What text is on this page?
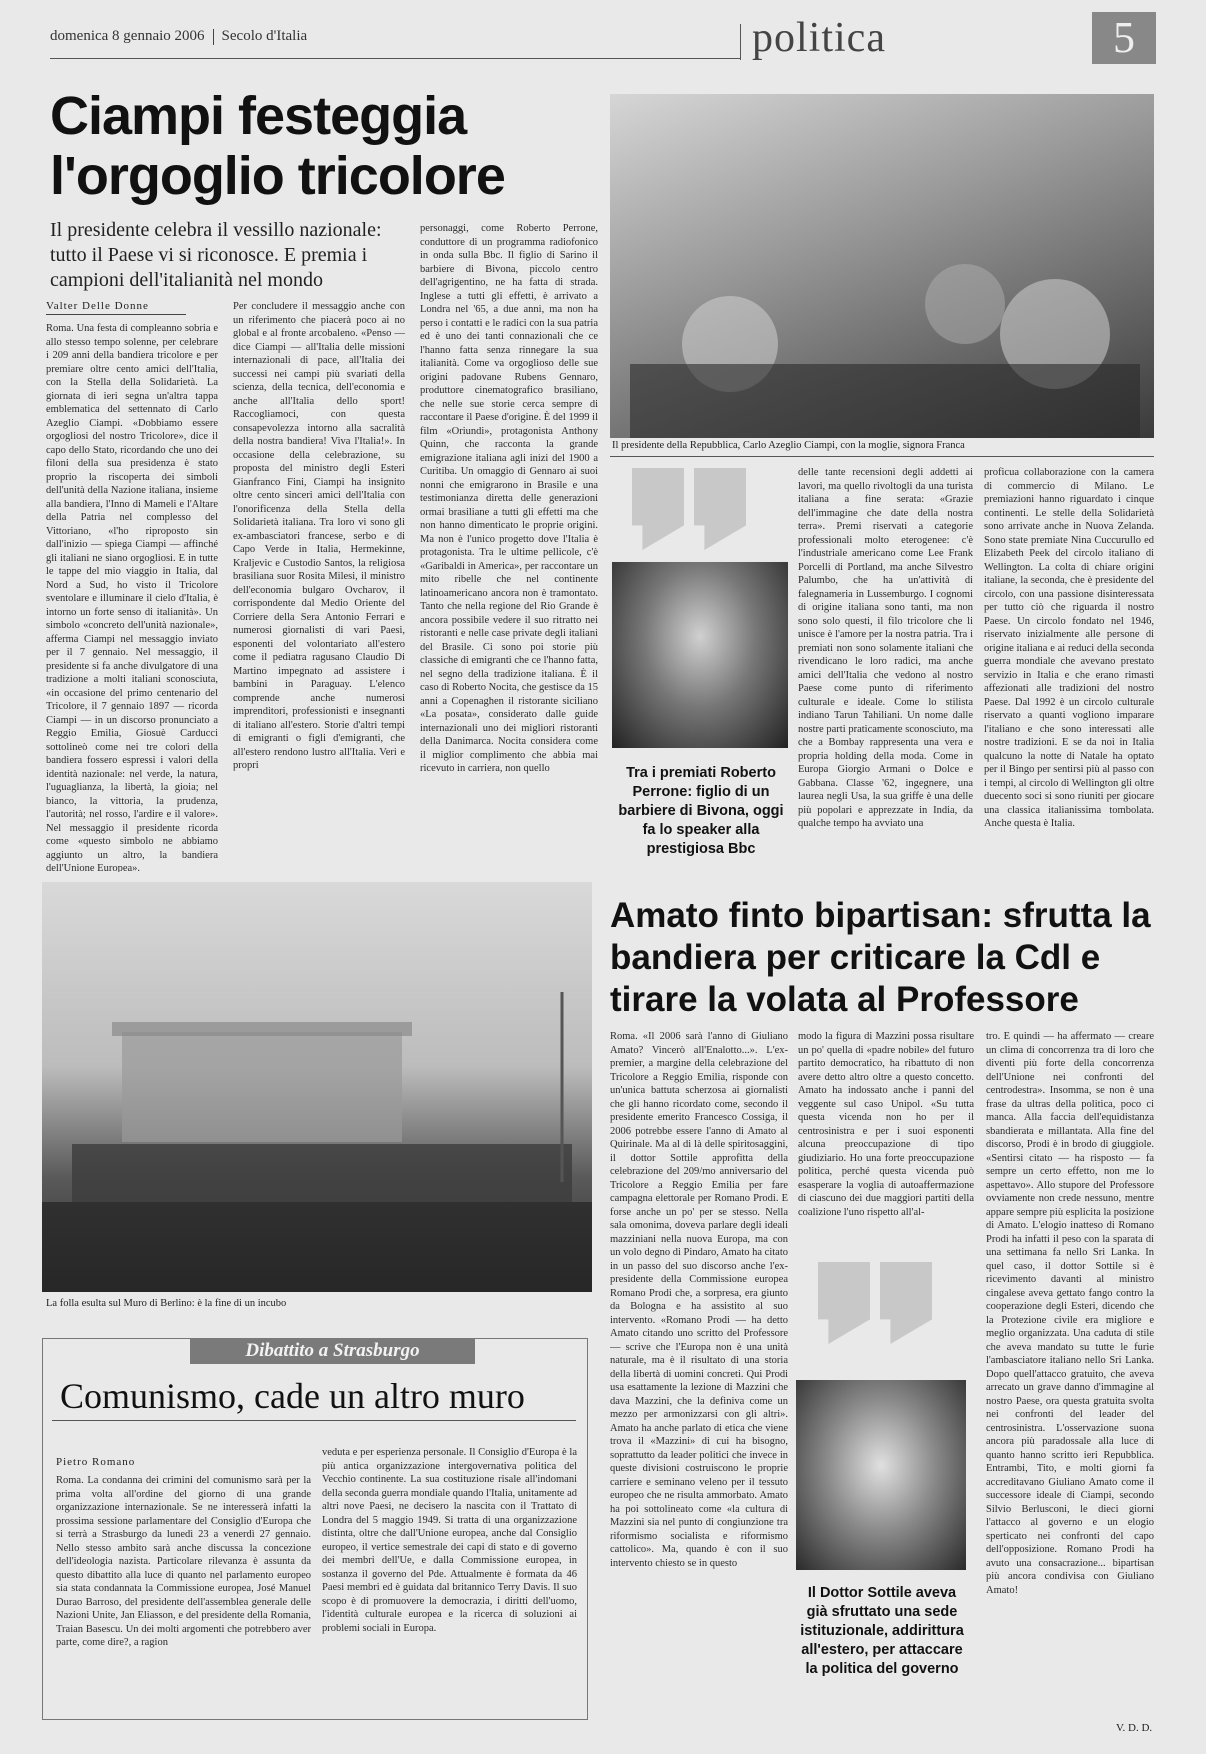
domenica 8 gennaio 2006 Secolo d'Italia	politica	5
Ciampi festeggia l'orgoglio tricolore
Il presidente celebra il vessillo nazionale: tutto il Paese vi si riconosce. E premia i campioni dell'italianità nel mondo
Valter Delle Donne
Roma. Una festa di compleanno sobria e allo stesso tempo solenne, per celebrare i 209 anni della bandiera tricolore e per premiare oltre cento amici dell'Italia, con la Stella della Solidarietà. La giornata di ieri segna un'altra tappa emblematica del settennato di Carlo Azeglio Ciampi. «Dobbiamo essere orgogliosi del nostro Tricolore», dice il capo dello Stato, ricordando che uno dei filoni della sua presidenza è stato proprio la riscoperta dei simboli dell'unità della Nazione italiana, insieme alla bandiera, l'Inno di Mameli e l'Altare della Patria nel complesso del Vittoriano, «l'ho riproposto sin dall'inizio — spiega Ciampi — affinché gli italiani ne siano orgogliosi. E in tutte le tappe del mio viaggio in Italia, dal Nord a Sud, ho visto il Tricolore sventolare e illuminare il cielo d'Italia, è intorno un forte senso di italianità». Un simbolo «concreto dell'unità nazionale», afferma Ciampi nel messaggio inviato per il 7 gennaio. Nel messaggio, il presidente si fa anche divulgatore di una tradizione a molti italiani sconosciuta, «in occasione del primo centenario del Tricolore, il 7 gennaio 1897 — ricorda Ciampi — in un discorso pronunciato a Reggio Emilia, Giosuè Carducci sottolineò come nei tre colori della bandiera fossero espressi i valori della identità nazionale: nel verde, la natura, l'uguaglianza, la libertà, la gioia; nel bianco, la vittoria, la prudenza, l'autorità; nel rosso, l'ardire e il valore». Nel messaggio il presidente ricorda come «questo simbolo ne abbiamo aggiunto un altro, la bandiera dell'Unione Europea».
Per concludere il messaggio anche con un riferimento che piacerà poco ai no global e al fronte arcobaleno. «Penso — dice Ciampi — all'Italia delle missioni internazionali di pace, all'Italia dei successi nei campi più svariati della scienza, della tecnica, dell'economia e anche all'Italia dello sport! Raccogliamoci, con questa consapevolezza intorno alla sacralità della nostra bandiera! Viva l'Italia!». In occasione della celebrazione, su proposta del ministro degli Esteri Gianfranco Fini, Ciampi ha insignito oltre cento sinceri amici dell'Italia con l'onorificenza della Stella della Solidarietà italiana. Tra loro vi sono gli ex-ambasciatori francese, serbo e di Capo Verde in Italia, Hermekinne, Kraljevic e Custodio Santos, la religiosa brasiliana suor Rosita Milesi, il ministro dell'economia bulgaro Ovcharov, il corrispondente dal Medio Oriente del Corriere della Sera Antonio Ferrari e numerosi giornalisti di vari Paesi, esponenti del volontariato all'estero come il pediatra ragusano Claudio Di Martino impegnato ad assistere i bambini in Paraguay. L'elenco comprende anche numerosi imprenditori, professionisti e insegnanti di italiano all'estero. Storie d'altri tempi di emigranti o figli d'emigranti, che all'estero rendono lustro all'Italia. Veri e propri
personaggi, come Roberto Perrone, conduttore di un programma radiofonico in onda sulla Bbc. Il figlio di Sarino il barbiere di Bivona, piccolo centro dell'agrigentino, ne ha fatta di strada. Inglese a tutti gli effetti, è arrivato a Londra nel '65, a due anni, ma non ha perso i contatti e le radici con la sua patria ed è uno dei tanti connazionali che ce l'hanno fatta senza rinnegare la sua italianità. Come va orgoglioso delle sue origini padovane Rubens Gennaro, produttore cinematografico brasiliano, che nelle sue storie cerca sempre di raccontare il Paese d'origine. È del 1999 il film «Oriundi», protagonista Anthony Quinn, che racconta la grande emigrazione italiana agli inizi del 1900 a Curitiba. Un omaggio di Gennaro ai suoi nonni che emigrarono in Brasile e una testimonianza diretta delle generazioni ormai brasiliane a tutti gli effetti ma che non hanno dimenticato le proprie origini. Ma non è l'unico progetto dove l'Italia è protagonista. Tra le ultime pellicole, c'è «Garibaldi in America», per raccontare un mito ribelle che nel continente latinoamericano ancora non è tramontato. Tanto che nella regione del Rio Grande è ancora possibile vedere il suo ritratto nei ristoranti e nelle case private degli italiani del Brasile. Ci sono poi storie più classiche di emigranti che ce l'hanno fatta, nel segno della tradizione italiana. È il caso di Roberto Nocita, che gestisce da 15 anni a Copenaghen il ristorante siciliano «La posata», considerato dalle guide internazionali uno dei migliori ristoranti della Danimarca. Nocita considera come il miglior complimento che abbia mai ricevuto in carriera, non quello
Il presidente della Repubblica, Carlo Azeglio Ciampi, con la moglie, signora Franca
Tra i premiati Roberto Perrone: figlio di un barbiere di Bivona, oggi fa lo speaker alla prestigiosa Bbc
delle tante recensioni degli addetti ai lavori, ma quello rivoltogli da una turista italiana a fine serata: «Grazie dell'immagine che date della nostra terra». Premi riservati a categorie professionali molto eterogenee: c'è l'industriale americano come Lee Frank Porcelli di Portland, ma anche Silvestro Palumbo, che ha un'attività di falegnameria in Lussemburgo. I cognomi di origine italiana sono tanti, ma non sono solo questi, il filo tricolore che li unisce è l'amore per la nostra patria. Tra i premiati non sono solamente italiani che rivendicano le loro radici, ma anche amici dell'Italia che vedono al nostro Paese come punto di riferimento culturale e ideale. Come lo stilista indiano Tarun Tahiliani. Un nome dalle nostre parti praticamente sconosciuto, ma che a Bombay rappresenta una vera e propria holding della moda. Come in Europa Giorgio Armani o Dolce e Gabbana. Classe '62, ingegnere, una laurea negli Usa, la sua griffe è una delle più popolari e apprezzate in India, da qualche tempo ha avviato una
proficua collaborazione con la camera di commercio di Milano. Le premiazioni hanno riguardato i cinque continenti. Le stelle della Solidarietà sono arrivate anche in Nuova Zelanda. Sono state premiate Nina Cuccurullo ed Elizabeth Peek del circolo italiano di Wellington. La colta di chiare origini italiane, la seconda, che è presidente del circolo, con una passione disinteressata per tutto ciò che riguarda il nostro Paese. Un circolo fondato nel 1946, riservato inizialmente alle persone di origine italiana e ai reduci della seconda guerra mondiale che avevano prestato servizio in Italia e che erano rimasti affezionati alle tradizioni del nostro Paese. Dal 1992 è un circolo culturale riservato a quanti vogliono imparare l'italiano e che sono interessati alle nostre tradizioni. E se da noi in Italia qualcuno la notte di Natale ha optato per il Bingo per sentirsi più al passo con i tempi, al circolo di Wellington gli oltre duecento soci si sono riuniti per giocare una classica italianissima tombolata. Anche questa è Italia.
La folla esulta sul Muro di Berlino: è la fine di un incubo
Amato finto bipartisan: sfrutta la bandiera per criticare la Cdl e tirare la volata al Professore
Roma. «Il 2006 sarà l'anno di Giuliano Amato? Vincerò all'Enalotto...». L'ex-premier, a margine della celebrazione del Tricolore a Reggio Emilia, risponde con un'unica battuta scherzosa ai giornalisti che gli hanno ricordato come, secondo il presidente emerito Francesco Cossiga, il 2006 potrebbe essere l'anno di Amato al Quirinale. Ma al di là delle spiritosaggini, il dottor Sottile approfitta della celebrazione del 209/mo anniversario del Tricolore a Reggio Emilia per fare campagna elettorale per Romano Prodi. E forse anche un po' per se stesso. Nella sala omonima, doveva parlare degli ideali mazziniani nella nuova Europa, ma con un volo degno di Pindaro, Amato ha citato in un passo del suo discorso anche l'ex-presidente della Commissione europea Romano Prodi che, a sorpresa, era giunto da Bologna e ha assistito al suo intervento. «Romano Prodi — ha detto Amato citando uno scritto del Professore — scrive che l'Europa non è una unità naturale, ma è il risultato di una storia della libertà di uomini concreti. Qui Prodi usa esattamente la lezione di Mazzini che dava Mazzini, che la definiva come un mezzo per armonizzarsi con gli altri». Amato ha anche parlato di etica che viene trova il «Mazzini» di cui ha bisogno, soprattutto da leader politici che invece in queste divisioni costruiscono le proprie carriere e seminano veleno per il tessuto europeo che ne risulta ammorbato. Amato ha poi sottolineato come «la cultura di Mazzini sia nel punto di congiunzione tra riformismo socialista e riformismo cattolico». Ma, quando è con il suo intervento chiesto se in questo
modo la figura di Mazzini possa risultare un po' quella di «padre nobile» del futuro partito democratico, ha ribattuto di non avere detto altro oltre a questo concetto. Amato ha indossato anche i panni del veggente sul caso Unipol. «Su tutta questa vicenda non ho per il centrosinistra e per i suoi esponenti alcuna preoccupazione di tipo giudiziario. Ho una forte preoccupazione politica, perché questa vicenda può esasperare la voglia di autoaffermazione di ciascuno dei due maggiori partiti della coalizione l'uno rispetto all'al-
tro. E quindi — ha affermato — creare un clima di concorrenza tra di loro che diventi più forte della concorrenza dell'Unione nei confronti del centrodestra». Insomma, se non è una frase da ultras della politica, poco ci manca. Alla faccia dell'equidistanza sbandierata e millantata. Alla fine del discorso, Prodi è in brodo di giuggiole. «Sentirsi citato — ha risposto — fa sempre un certo effetto, non me lo aspettavo». Allo stupore del Professore ovviamente non crede nessuno, mentre appare sempre più esplicita la posizione di Amato. L'elogio inatteso di Romano Prodi ha infatti il peso con la sparata di una settimana fa nello Sri Lanka. In quel caso, il dottor Sottile si è ricevimento davanti al ministro cingalese aveva gettato fango contro la cooperazione degli Esteri, dicendo che la Protezione civile era migliore e meglio organizzata. Una caduta di stile che aveva mandato su tutte le furie l'ambasciatore italiano nello Sri Lanka. Dopo quell'attacco gratuito, che aveva arrecato un grave danno d'immagine al nostro Paese, ora questa gratuita svolta nei confronti del leader del centrosinistra. L'osservazione suona ancora più paradossale alla luce di quanto hanno scritto ieri Repubblica. Entrambi, Tito, e molti giorni fa accreditavano Giuliano Amato come il successore ideale di Ciampi, secondo Silvio Berlusconi, le dieci giorni l'attacco al governo e un elogio sperticato nei confronti del capo dell'opposizione. Romano Prodi ha avuto una consacrazione... bipartisan più ancora condivisa con Giuliano Amato!
V. D. D.
Il Dottor Sottile aveva già sfruttato una sede istituzionale, addirittura all'estero, per attaccare la politica del governo
Dibattito a Strasburgo
Comunismo, cade un altro muro
Pietro Romano
Roma. La condanna dei crimini del comunismo sarà per la prima volta all'ordine del giorno di una grande organizzazione internazionale. Se ne interesserà infatti la prossima sessione parlamentare del Consiglio d'Europa che si terrà a Strasburgo da lunedì 23 a venerdì 27 gennaio. Nello stesso ambito sarà anche discussa la concezione dell'ideologia nazista. Particolare rilevanza è assunta da questo dibattito alla luce di quanto nel parlamento europeo sia stata condannata la Commissione europea, José Manuel Durao Barroso, del presidente dell'assemblea generale delle Nazioni Unite, Jan Eliasson, e del presidente della Romania, Traian Basescu. Un dei molti argomenti che potrebbero aver parte, come dire?, a ragion
veduta e per esperienza personale. Il Consiglio d'Europa è la più antica organizzazione intergovernativa politica del Vecchio continente. La sua costituzione risale all'indomani della seconda guerra mondiale quando l'Italia, unitamente ad altri nove Paesi, ne decisero la nascita con il Trattato di Londra del 5 maggio 1949. Si tratta di una organizzazione distinta, oltre che dall'Unione europea, anche dal Consiglio europeo, il vertice semestrale dei capi di stato e di governo dei membri dell'Ue, e dalla Commissione europea, in sostanza il governo del Pde. Attualmente è formata da 46 Paesi membri ed è guidata dal britannico Terry Davis. Il suo scopo è di promuovere la democrazia, i diritti dell'uomo, l'identità culturale europea e la ricerca di soluzioni ai problemi sociali in Europa.
